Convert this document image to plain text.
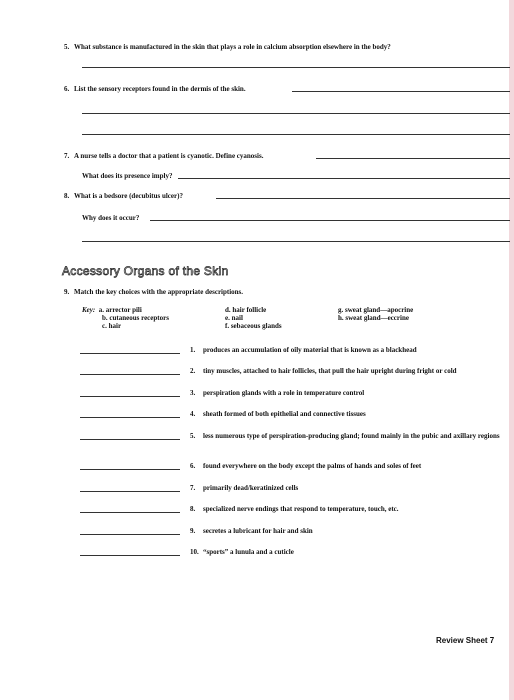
5. What substance is manufactured in the skin that plays a role in calcium absorption elsewhere in the body?
6. List the sensory receptors found in the dermis of the skin.
7. A nurse tells a doctor that a patient is cyanotic. Define cyanosis.
What does its presence imply?
8. What is a bedsore (decubitus ulcer)?
Why does it occur?
Accessory Organs of the Skin
9. Match the key choices with the appropriate descriptions.
Key: a. arrector pili
b. cutaneous receptors
c. hair
d. hair follicle
e. nail
f. sebaceous glands
g. sweat gland—apocrine
h. sweat gland—eccrine
1. produces an accumulation of oily material that is known as a blackhead
2. tiny muscles, attached to hair follicles, that pull the hair upright during fright or cold
3. perspiration glands with a role in temperature control
4. sheath formed of both epithelial and connective tissues
5. less numerous type of perspiration-producing gland; found mainly in the pubic and axillary regions
6. found everywhere on the body except the palms of hands and soles of feet
7. primarily dead/keratinized cells
8. specialized nerve endings that respond to temperature, touch, etc.
9. secretes a lubricant for hair and skin
10. “sports” a lunula and a cuticle
Review Sheet 7
